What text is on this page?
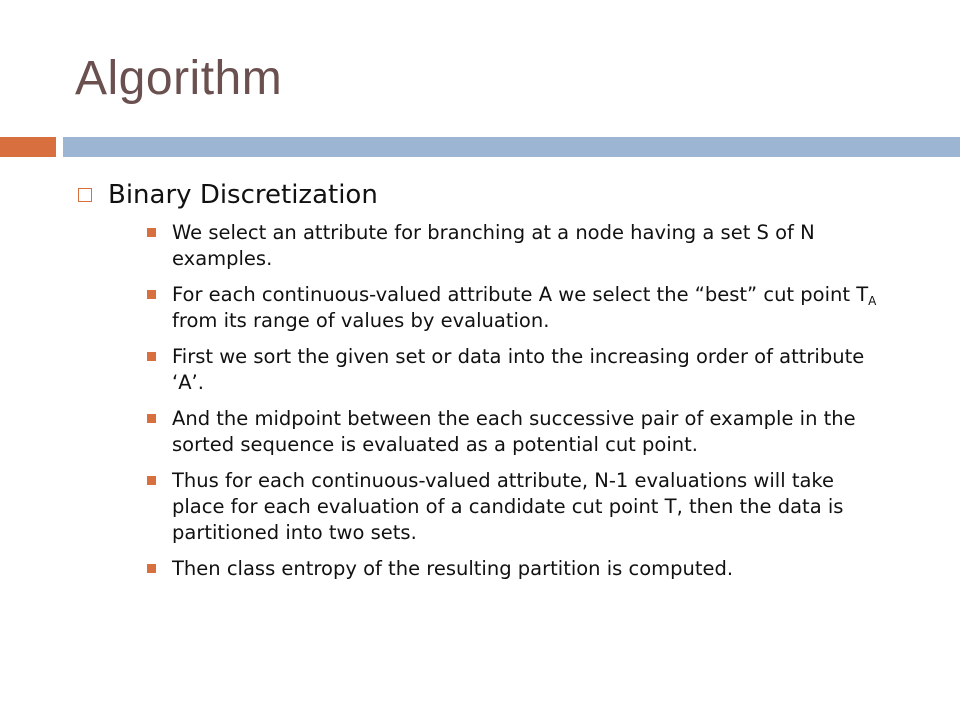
Algorithm
Binary Discretization
We select an attribute for branching at a node having a set S of N examples.
For each continuous-valued attribute A we select the “best” cut point $T_A$ from its range of values by evaluation.
First we sort the given set or data into the increasing order of attribute ‘A’.
And the midpoint between the each successive pair of example in the sorted sequence is evaluated as a potential cut point.
Thus for each continuous-valued attribute, N-1 evaluations will take place for each evaluation of a candidate cut point T, then the data is partitioned into two sets.
Then class entropy of the resulting partition is computed.
